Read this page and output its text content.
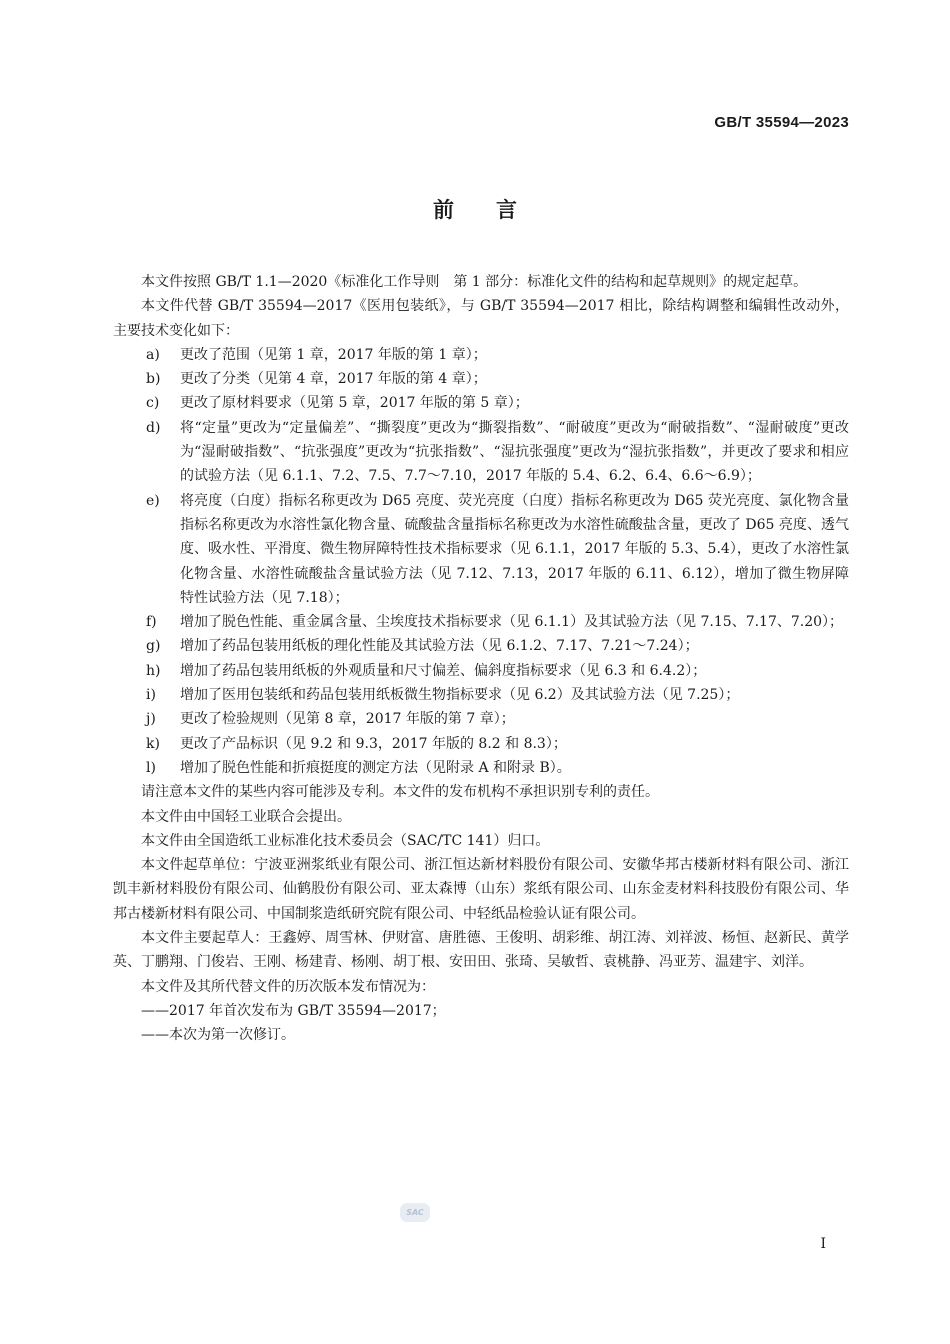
GB/T 35594—2023
前言

本文件按照 GB/T 1.1—2020《标准化工作导则　第 1 部分：标准化文件的结构和起草规则》的规定起草。

本文件代替 GB/T 35594—2017《医用包装纸》，与 GB/T 35594—2017 相比，除结构调整和编辑性改动外，主要技术变化如下：

a) 更改了范围（见第 1 章，2017 年版的第 1 章）；
b) 更改了分类（见第 4 章，2017 年版的第 4 章）；
c) 更改了原材料要求（见第 5 章，2017 年版的第 5 章）；
d) 将“定量”更改为“定量偏差”、“撕裂度”更改为“撕裂指数”、“耐破度”更改为“耐破指数”、“湿耐破度”更改为“湿耐破指数”、“抗张强度”更改为“抗张指数”、“湿抗张强度”更改为“湿抗张指数”，并更改了要求和相应的试验方法（见 6.1.1、7.2、7.5、7.7～7.10，2017 年版的 5.4、6.2、6.4、6.6～6.9）；
e) 将亮度（白度）指标名称更改为 D65 亮度、荧光亮度（白度）指标名称更改为 D65 荧光亮度、氯化物含量指标名称更改为水溶性氯化物含量、硫酸盐含量指标名称更改为水溶性硫酸盐含量，更改了 D65 亮度、透气度、吸水性、平滑度、微生物屏障特性技术指标要求（见 6.1.1，2017 年版的 5.3、5.4），更改了水溶性氯化物含量、水溶性硫酸盐含量试验方法（见 7.12、7.13，2017 年版的 6.11、6.12），增加了微生物屏障特性试验方法（见 7.18）；
f) 增加了脱色性能、重金属含量、尘埃度技术指标要求（见 6.1.1）及其试验方法（见 7.15、7.17、7.20）；
g) 增加了药品包装用纸板的理化性能及其试验方法（见 6.1.2、7.17、7.21～7.24）；
h) 增加了药品包装用纸板的外观质量和尺寸偏差、偏斜度指标要求（见 6.3 和 6.4.2）；
i) 增加了医用包装纸和药品包装用纸板微生物指标要求（见 6.2）及其试验方法（见 7.25）；
j) 更改了检验规则（见第 8 章，2017 年版的第 7 章）；
k) 更改了产品标识（见 9.2 和 9.3，2017 年版的 8.2 和 8.3）；
l) 增加了脱色性能和折痕挺度的测定方法（见附录 A 和附录 B）。

请注意本文件的某些内容可能涉及专利。本文件的发布机构不承担识别专利的责任。

本文件由中国轻工业联合会提出。

本文件由全国造纸工业标准化技术委员会（SAC/TC 141）归口。

本文件起草单位：宁波亚洲浆纸业有限公司、浙江恒达新材料股份有限公司、安徽华邦古楼新材料有限公司、浙江凯丰新材料股份有限公司、仙鹤股份有限公司、亚太森博（山东）浆纸有限公司、山东金麦材料科技股份有限公司、华邦古楼新材料有限公司、中国制浆造纸研究院有限公司、中轻纸品检验认证有限公司。

本文件主要起草人：王鑫婷、周雪林、伊财富、唐胜德、王俊明、胡彩维、胡江涛、刘祥波、杨恒、赵新民、黄学英、丁鹏翔、门俊岩、王刚、杨建青、杨刚、胡丁根、安田田、张琦、吴敏哲、袁桃静、冯亚芳、温建宇、刘洋。

本文件及其所代替文件的历次版本发布情况为：

——2017 年首次发布为 GB/T 35594—2017；

——本次为第一次修订。

SAC
I
